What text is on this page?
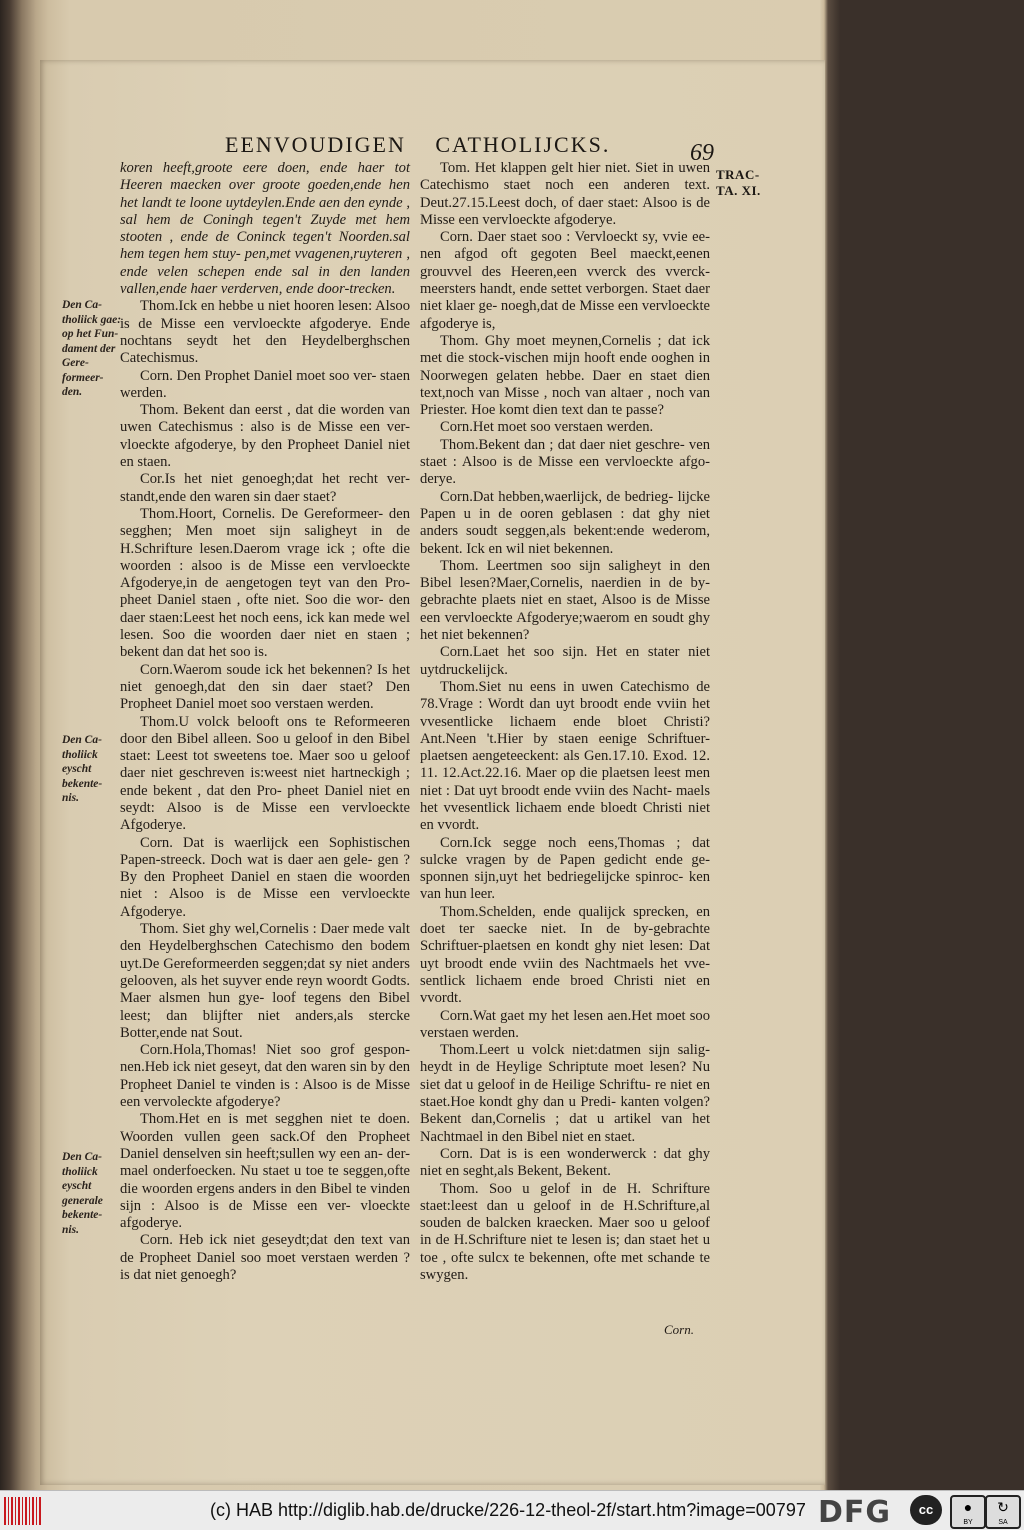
EENVOUDIGEN CATHOLIJCKS.	69
TRAC-
TA. XI.
Den Ca- tholiick gae: op het Fun- dament der Gere- formeer- den.
Den Ca- tholiick eyscht bekente- nis.
Den Ca- tholiick eyscht generale bekente- nis.

koren heeft,groote eere doen, ende haer tot Heeren maecken over groote goeden,ende hen het landt te loone uytdeylen.Ende aen den eynde , sal hem de Coningh tegen't Zuyde met hem stooten , ende de Coninck tegen't Noorden.sal hem tegen hem stuy- pen,met vvagenen,ruyteren , ende velen schepen ende sal in den landen vallen,ende haer verderven, ende door-trecken.

Thom.Ick en hebbe u niet hooren lesen: Alsoo is de Misse een vervloeckte afgoderye. Ende nochtans seydt het den Heydelberghschen Catechismus.

Corn. Den Prophet Daniel moet soo ver- staen werden.

Thom. Bekent dan eerst , dat die worden van uwen Catechismus : also is de Misse een ver- vloeckte afgoderye, by den Propheet Daniel niet en staen.

Cor.Is het niet genoegh;dat het recht ver- standt,ende den waren sin daer staet?

Thom.Hoort, Cornelis. De Gereformeer- den segghen; Men moet sijn saligheyt in de H.Schrifture lesen.Daerom vrage ick ; ofte die woorden : alsoo is de Misse een vervloeckte Afgoderye,in de aengetogen teyt van den Pro- pheet Daniel staen , ofte niet. Soo die wor- den daer staen:Leest het noch eens, ick kan mede wel lesen. Soo die woorden daer niet en staen ; bekent dan dat het soo is.

Corn.Waerom soude ick het bekennen? Is het niet genoegh,dat den sin daer staet? Den Propheet Daniel moet soo verstaen werden.

Thom.U volck belooft ons te Reformeeren door den Bibel alleen. Soo u geloof in den Bibel staet: Leest tot sweetens toe. Maer soo u geloof daer niet geschreven is:weest niet hartneckigh ; ende bekent , dat den Pro- pheet Daniel niet en seydt: Alsoo is de Misse een vervloeckte Afgoderye.

Corn. Dat is waerlijck een Sophistischen Papen-streeck. Doch wat is daer aen gele- gen ? By den Propheet Daniel en staen die woorden niet : Alsoo is de Misse een vervloeckte Afgoderye.

Thom. Siet ghy wel,Cornelis : Daer mede valt den Heydelberghschen Catechismo den bodem uyt.De Gereformeerden seggen;dat sy niet anders gelooven, als het suyver ende reyn woordt Godts. Maer alsmen hun gye- loof tegens den Bibel leest; dan blijfter niet anders,als stercke Botter,ende nat Sout.

Corn.Hola,Thomas! Niet soo grof gespon- nen.Heb ick niet geseyt, dat den waren sin by den Propheet Daniel te vinden is : Alsoo is de Misse een vervoleckte afgoderye?

Thom.Het en is met segghen niet te doen. Woorden vullen geen sack.Of den Propheet Daniel denselven sin heeft;sullen wy een an- der-mael onderfoecken. Nu staet u toe te seggen,ofte die woorden ergens anders in den Bibel te vinden sijn : Alsoo is de Misse een ver- vloeckte afgoderye.

Corn. Heb ick niet geseydt;dat den text van de Propheet Daniel soo moet verstaen werden ? is dat niet genoegh?

Tom. Het klappen gelt hier niet. Siet in uwen Catechismo staet noch een anderen text. Deut.27.15.Leest doch, of daer staet: Alsoo is de Misse een vervloeckte afgoderye.

Corn. Daer staet soo : Vervloeckt sy, vvie ee- nen afgod oft gegoten Beel maeckt,eenen grouvvel des Heeren,een vverck des vverck-meersters handt, ende settet verborgen. Staet daer niet klaer ge- noegh,dat de Misse een vervloeckte afgoderye is,

Thom. Ghy moet meynen,Cornelis ; dat ick met die stock-vischen mijn hooft ende ooghen in Noorwegen gelaten hebbe. Daer en staet dien text,noch van Misse , noch van altaer , noch van Priester. Hoe komt dien text dan te passe?

Corn.Het moet soo verstaen werden.

Thom.Bekent dan ; dat daer niet geschre- ven staet : Alsoo is de Misse een vervloeckte afgo- derye.

Corn.Dat hebben,waerlijck, de bedrieg- lijcke Papen u in de ooren geblasen : dat ghy niet anders soudt seggen,als bekent:ende wederom, bekent. Ick en wil niet bekennen.

Thom. Leertmen soo sijn saligheyt in den Bibel lesen?Maer,Cornelis, naerdien in de by-gebrachte plaets niet en staet, Alsoo is de Misse een vervloeckte Afgoderye;waerom en soudt ghy het niet bekennen?

Corn.Laet het soo sijn. Het en stater niet uytdruckelijck.

Thom.Siet nu eens in uwen Catechismo de 78.Vrage : Wordt dan uyt broodt ende vviin het vvesentlicke lichaem ende bloet Christi? Ant.Neen 't.Hier by staen eenige Schriftuer-plaetsen aengeteeckent: als Gen.17.10. Exod. 12. 11. 12.Act.22.16. Maer op die plaetsen leest men niet : Dat uyt broodt ende vviin des Nacht- maels het vvesentlick lichaem ende bloedt Christi niet en vvordt.

Corn.Ick segge noch eens,Thomas ; dat sulcke vragen by de Papen gedicht ende ge- sponnen sijn,uyt het bedriegelijcke spinroc- ken van hun leer.

Thom.Schelden, ende qualijck sprecken, en doet ter saecke niet. In de by-gebrachte Schriftuer-plaetsen en kondt ghy niet lesen: Dat uyt broodt ende vviin des Nachtmaels het vve- sentlick lichaem ende broed Christi niet en vvordt.

Corn.Wat gaet my het lesen aen.Het moet soo verstaen werden.

Thom.Leert u volck niet:datmen sijn salig- heydt in de Heylige Schriptute moet lesen? Nu siet dat u geloof in de Heilige Schriftu- re niet en staet.Hoe kondt ghy dan u Predi- kanten volgen? Bekent dan,Cornelis ; dat u artikel van het Nachtmael in den Bibel niet en staet.

Corn. Dat is is een wonderwerck : dat ghy niet en seght,als Bekent, Bekent.

Thom. Soo u gelof in de H. Schrifture staet:leest dan u geloof in de H.Schrifture,al souden de balcken kraecken. Maer soo u geloof in de H.Schrifture niet te lesen is; dan staet het u toe , ofte sulcx te bekennen, ofte met schande te swygen.

Corn.
(c) HAB http://diglib.hab.de/drucke/226-12-theol-2f/start.htm?image=00797 DFG	cc	●
BY
↻
SA
